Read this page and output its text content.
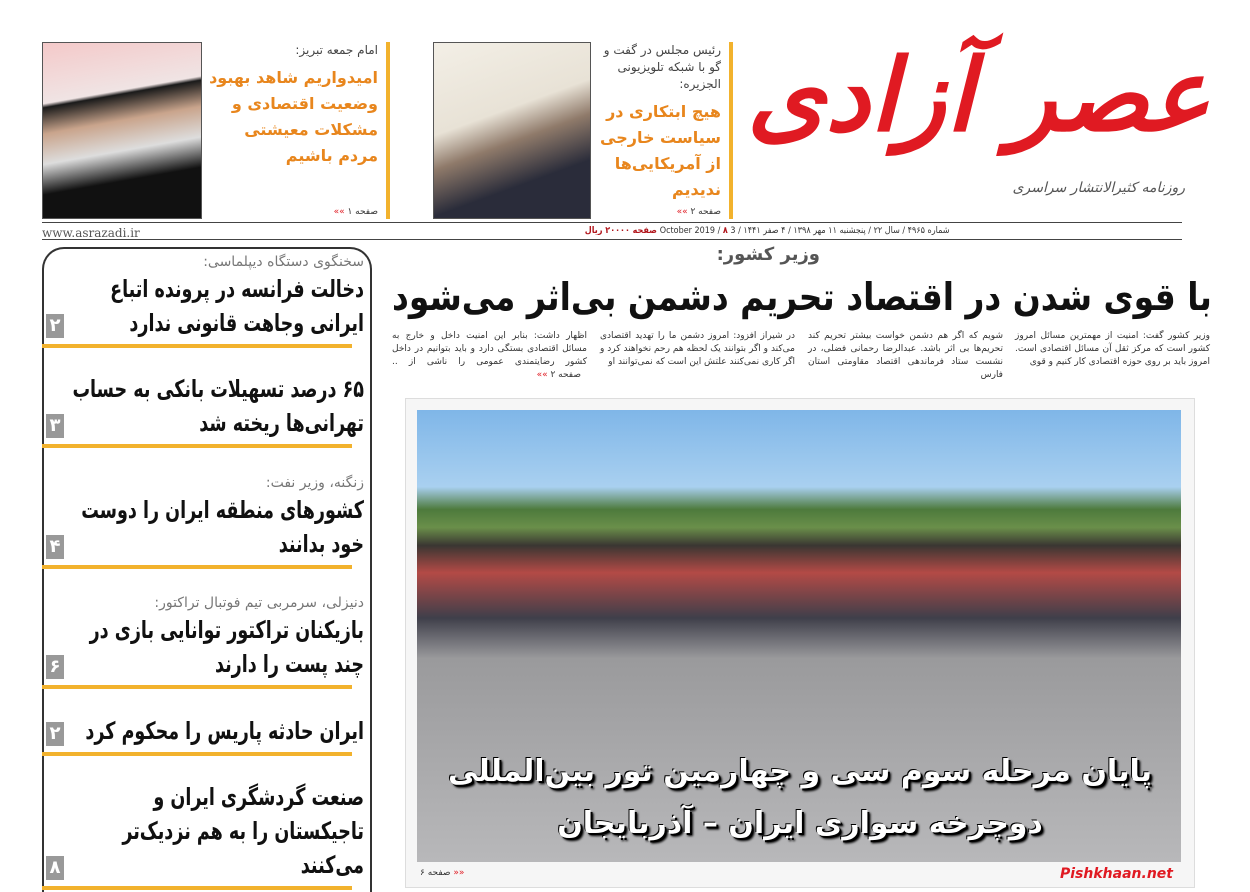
عصر آزادی
روزنامه کثیرالانتشار سراسری
رئیس مجلس در گفت و گو با شبکه تلویزیونی الجزیره:
هیچ ابتکاری در سیاست خارجی از آمریکایی‌ها ندیدیم
صفحه ۲ »»
امام جمعه تبریز:
امیدواریم شاهد بهبود وضعیت اقتصادی و مشکلات معیشتی مردم باشیم
صفحه ۱ »»
www.asrazadi.ir	شماره ۴۹۶۵ / سال ۲۲ / پنجشنبه ۱۱ مهر ۱۳۹۸ / ۴ صفر ۱۴۴۱ / 3 October 2019 / ۸ صفحه ۲۰۰۰۰ ریال
وزیر کشور:
با قوی شدن در اقتصاد تحریم دشمن بی‌اثر می‌شود
وزیر کشور گفت: امنیت از مهمترین مسائل امروز کشور است که مرکز ثقل آن مسائل اقتصادی است. امروز باید بر روی حوزه اقتصادی کار کنیم و قوی
شویم که اگر هم دشمن خواست بیشتر تحریم کند تحریم‌ها بی اثر باشد. عبدالرضا رحمانی فضلی، در نشست ستاد فرماندهی اقتصاد مقاومتی استان فارس
در شیراز افزود: امروز دشمن ما را تهدید اقتصادی می‌کند و اگر بتوانند یک لحظه هم رحم نخواهند کرد و اگر کاری نمی‌کنند علتش این است که نمی‌توانند او
اظهار داشت: بنابر این امنیت داخل و خارج به مسائل اقتصادی بستگی دارد و باید بتوانیم در داخل کشور رضایتمندی عمومی را ناشی از .. صفحه ۲ »»
پایان مرحله سوم سی و چهارمین تور بین‌المللی
دوچرخه سواری ایران – آذربایجان
Pishkhaan.net
صفحه ۶ »»
سخنگوی دستگاه دیپلماسی:
دخالت فرانسه در پرونده اتباع ایرانی وجاهت قانونی ندارد
۲
۶۵ درصد تسهیلات بانکی به حساب تهرانی‌ها ریخته شد
۳
زنگنه، وزیر نفت:
کشورهای منطقه ایران را دوست خود بدانند
۴
دنیزلی، سرمربی تیم فوتبال تراکتور:
بازیکنان تراکتور توانایی بازی در چند پست را دارند
۶
ایران حادثه پاریس را محکوم کرد
۲
صنعت گردشگری ایران و تاجیکستان را به هم نزدیک‌تر می‌کنند
۸
